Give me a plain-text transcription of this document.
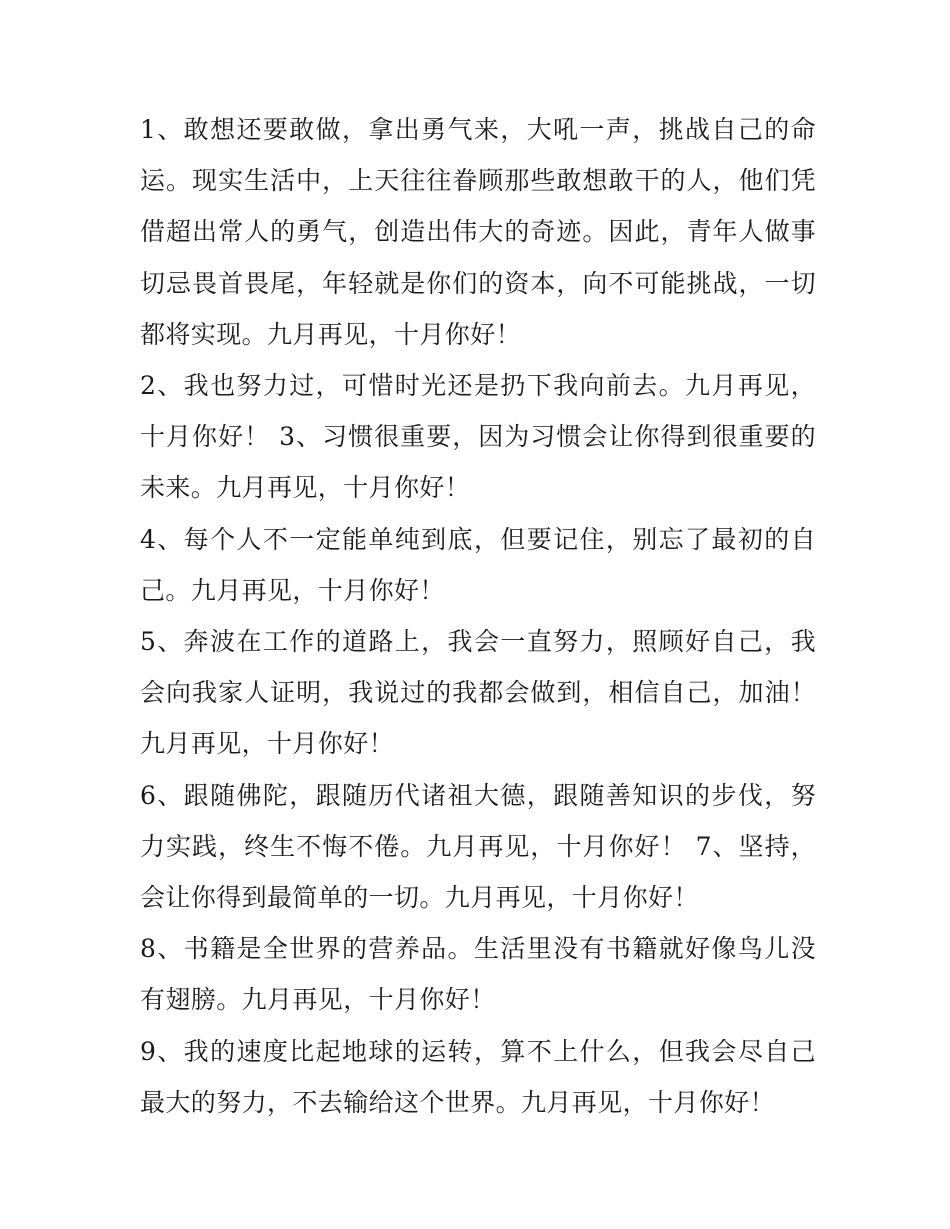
1、敢想还要敢做，拿出勇气来，大吼一声，挑战自己的命运。现实生活中，上天往往眷顾那些敢想敢干的人，他们凭借超出常人的勇气，创造出伟大的奇迹。因此，青年人做事切忌畏首畏尾，年轻就是你们的资本，向不可能挑战，一切都将实现。九月再见，十月你好！

2、我也努力过，可惜时光还是扔下我向前去。九月再见，十月你好！ 3、习惯很重要，因为习惯会让你得到很重要的未来。九月再见，十月你好！

4、每个人不一定能单纯到底，但要记住，别忘了最初的自己。九月再见，十月你好！

5、奔波在工作的道路上，我会一直努力，照顾好自己，我会向我家人证明，我说过的我都会做到，相信自己，加油！九月再见，十月你好！

6、跟随佛陀，跟随历代诸祖大德，跟随善知识的步伐，努力实践，终生不悔不倦。九月再见，十月你好！ 7、坚持，会让你得到最简单的一切。九月再见，十月你好！

8、书籍是全世界的营养品。生活里没有书籍就好像鸟儿没有翅膀。九月再见，十月你好！

9、我的速度比起地球的运转，算不上什么，但我会尽自己最大的努力，不去输给这个世界。九月再见，十月你好！
